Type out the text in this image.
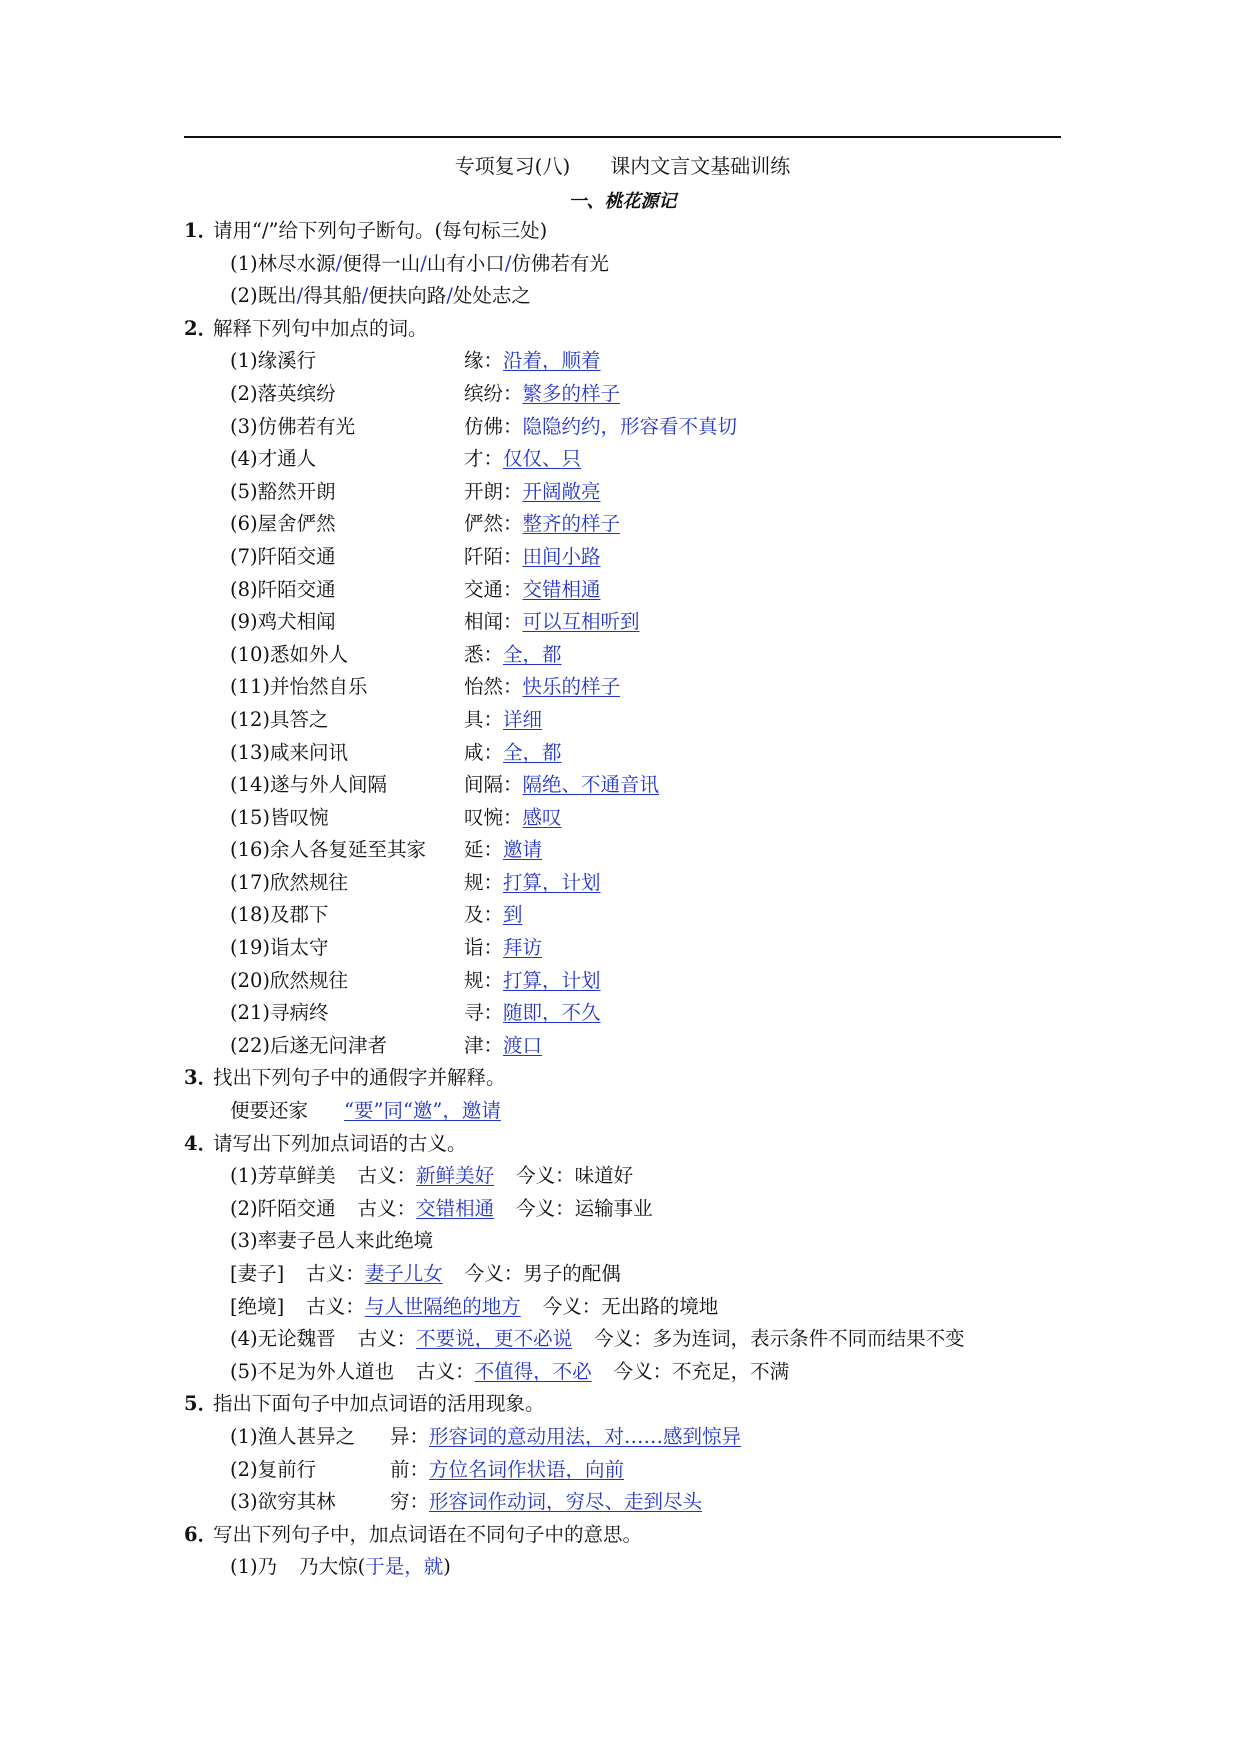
专项复习(八) 课内文言文基础训练
一、桃花源记
1．请用“/”给下列句子断句。(每句标三处)
(1)林尽水源/便得一山/山有小口/仿佛若有光
(2)既出/得其船/便扶向路/处处志之
2．解释下列句中加点的词。
(1)缘溪行	缘：沿着，顺着
(2)落英缤纷	缤纷：繁多的样子
(3)仿佛若有光	仿佛：隐隐约约，形容看不真切
(4)才通人	才：仅仅、只
(5)豁然开朗	开朗：开阔敞亮
(6)屋舍俨然	俨然：整齐的样子
(7)阡陌交通	阡陌：田间小路
(8)阡陌交通	交通：交错相通
(9)鸡犬相闻	相闻：可以互相听到
(10)悉如外人	悉：全，都
(11)并怡然自乐	怡然：快乐的样子
(12)具答之	具：详细
(13)咸来问讯	咸：全，都
(14)遂与外人间隔	间隔：隔绝、不通音讯
(15)皆叹惋	叹惋：感叹
(16)余人各复延至其家 延：邀请
(17)欣然规往	规：打算，计划
(18)及郡下	及：到
(19)诣太守	诣：拜访
(20)欣然规往	规：打算，计划
(21)寻病终	寻：随即，不久
(22)后遂无问津者	津：渡口
3．找出下列句子中的通假字并解释。
便要还家 “要”同“邀”，邀请
4．请写出下列加点词语的古义。
(1)芳草鲜美 古义：新鲜美好 今义：味道好
(2)阡陌交通 古义：交错相通 今义：运输事业
(3)率妻子邑人来此绝境
[妻子] 古义：妻子儿女 今义：男子的配偶
[绝境] 古义：与人世隔绝的地方 今义：无出路的境地
(4)无论魏晋 古义：不要说，更不必说 今义：多为连词，表示条件不同而结果不变
(5)不足为外人道也 古义：不值得，不必 今义：不充足，不满
5．指出下面句子中加点词语的活用现象。
(1)渔人甚异之 异：形容词的意动用法，对……感到惊异
(2)复前行	前：方位名词作状语，向前
(3)欲穷其林	穷：形容词作动词，穷尽、走到尽头
6．写出下列句子中，加点词语在不同句子中的意思。
(1)乃 乃大惊(于是，就)
